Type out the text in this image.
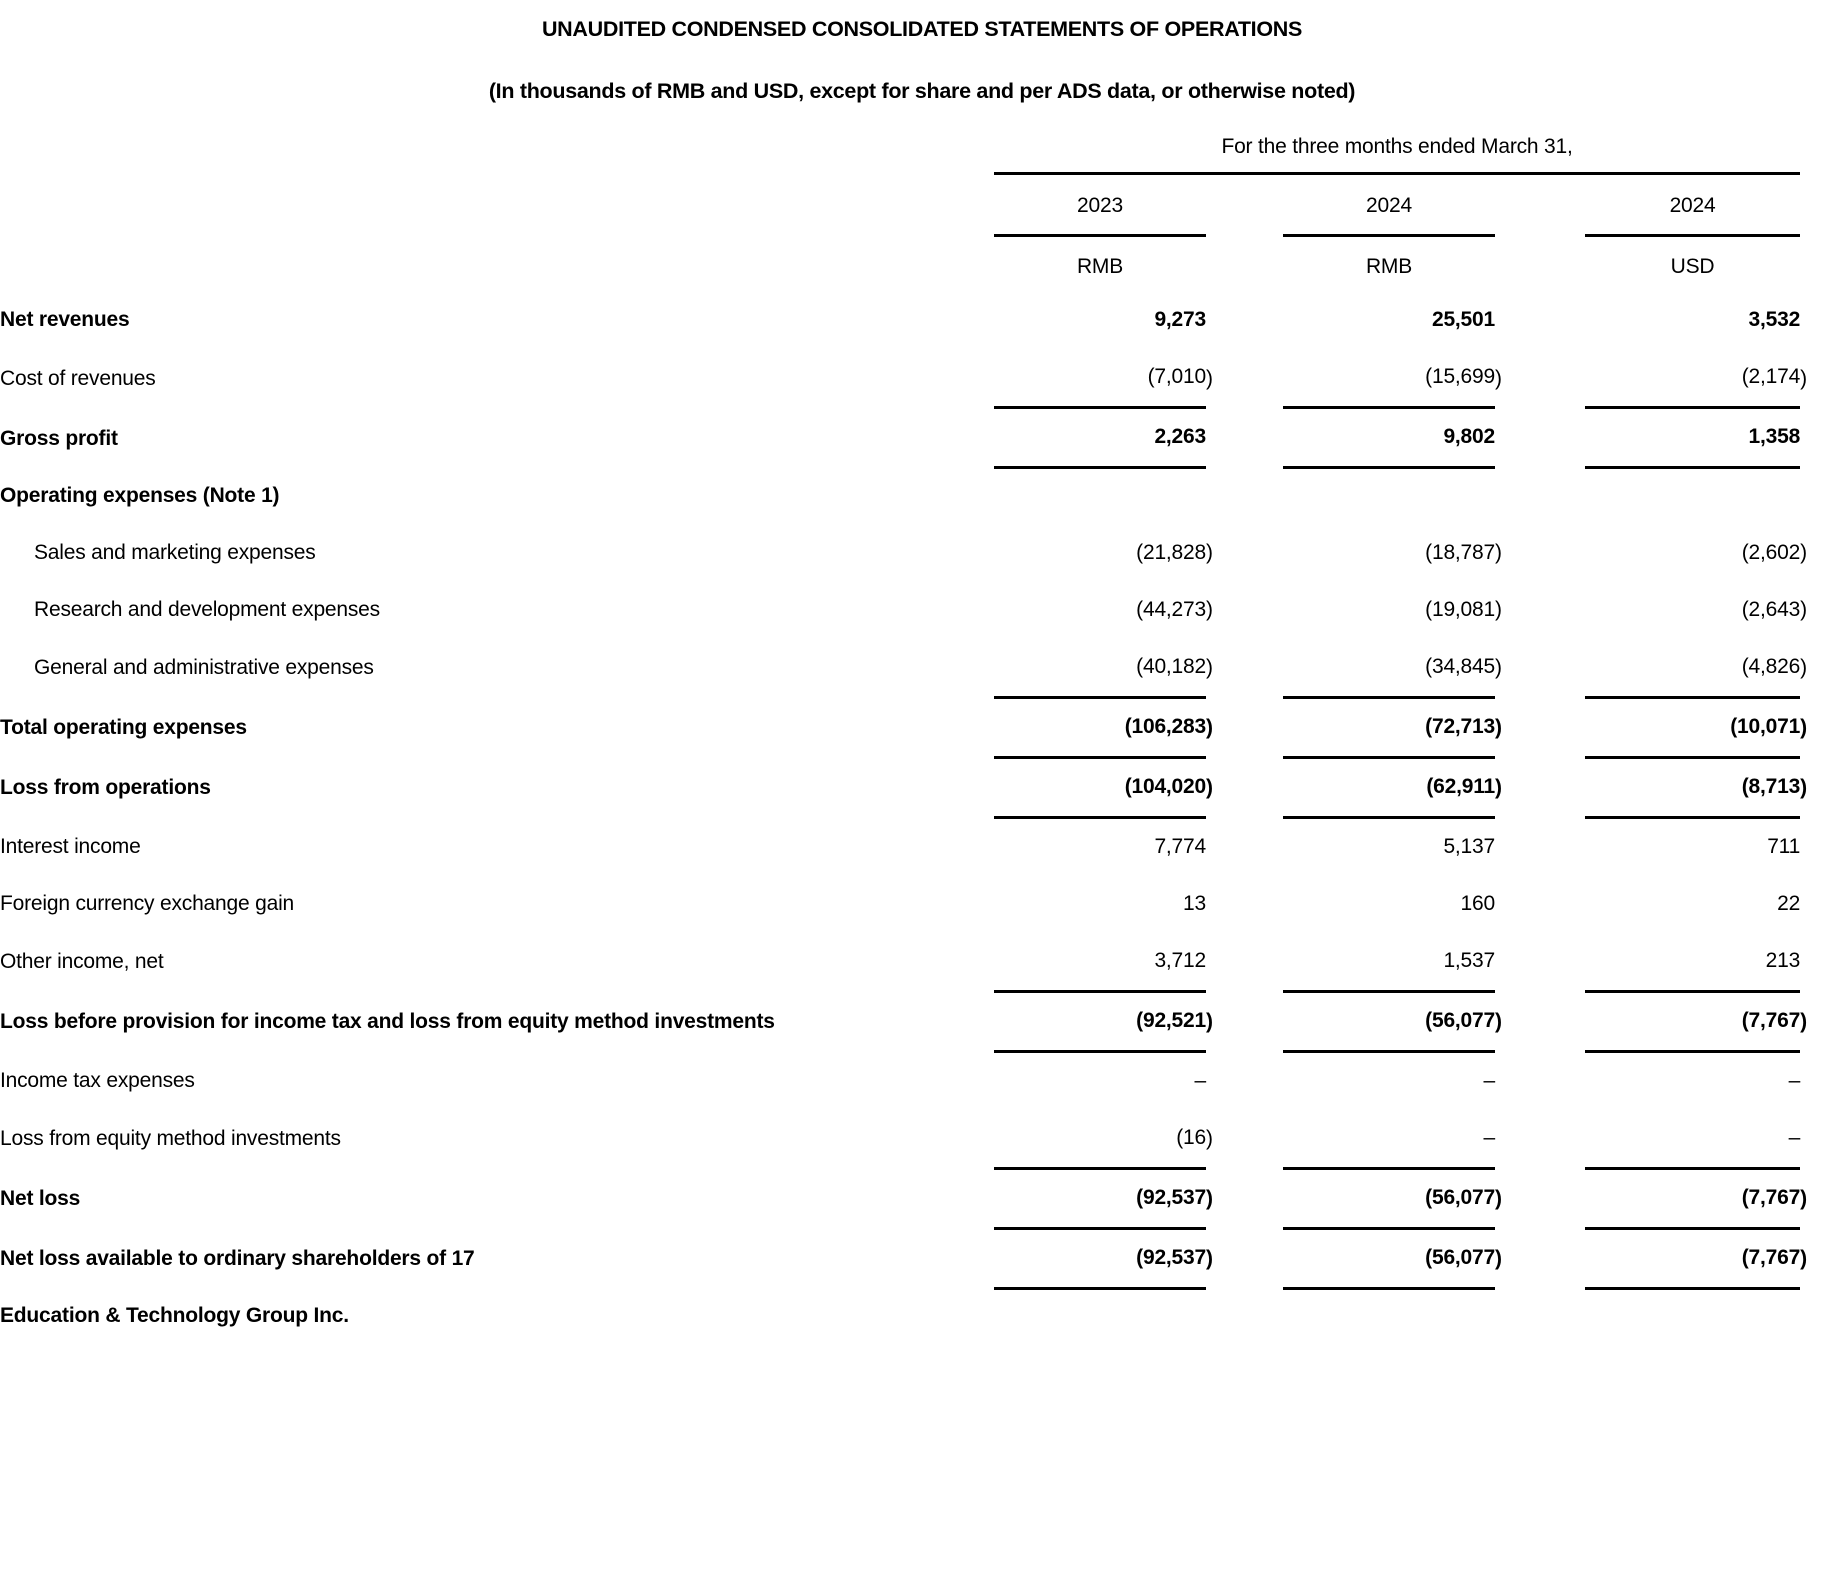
UNAUDITED CONDENSED CONSOLIDATED STATEMENTS OF OPERATIONS
(In thousands of RMB and USD, except for share and per ADS data, or otherwise noted)
	For the three months ended March 31,							
	2023			2024			2024	
	RMB			RMB			USD	
Net revenues	9,273			25,501			3,532	
Cost of revenues	(7,010	)		(15,699	)		(2,174	)
Gross profit	2,263			9,802			1,358	
Operating expenses (Note 1)								
Sales and marketing expenses	(21,828	)		(18,787	)		(2,602	)
Research and development expenses	(44,273	)		(19,081	)		(2,643	)
General and administrative expenses	(40,182	)		(34,845	)		(4,826	)
Total operating expenses	(106,283	)		(72,713	)		(10,071	)
Loss from operations	(104,020	)		(62,911	)		(8,713	)
Interest income	7,774			5,137			711	
Foreign currency exchange gain	13			160			22	
Other income, net	3,712			1,537			213	
Loss before provision for income tax and loss from equity method investments	(92,521	)		(56,077	)		(7,767	)
Income tax expenses	–			–			–	
Loss from equity method investments	(16	)		–			–	
Net loss	(92,537	)		(56,077	)		(7,767	)
Net loss available to ordinary shareholders of 17	(92,537	)		(56,077	)		(7,767	)
Education & Technology Group Inc.								
